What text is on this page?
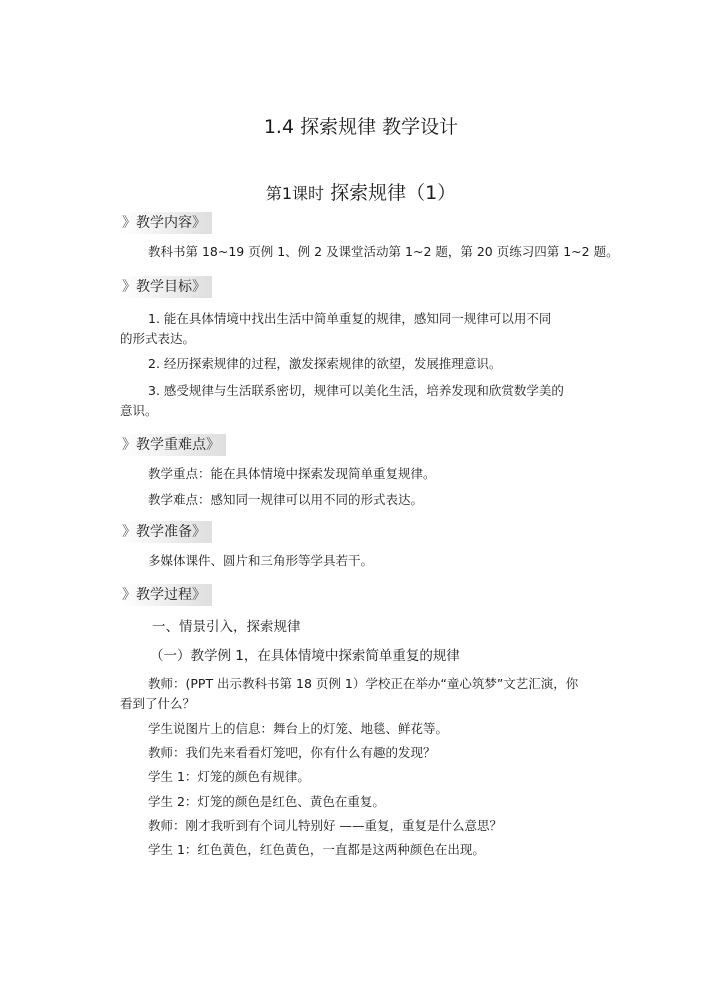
1.4 探索规律 教学设计
第1课时 探索规律（1）
》教学内容》
教科书第 18~19 页例 1、例 2 及课堂活动第 1~2 题，第 20 页练习四第 1~2 题。
》教学目标》
1. 能在具体情境中找出生活中简单重复的规律，感知同一规律可以用不同
的形式表达。
2. 经历探索规律的过程，激发探索规律的欲望，发展推理意识。
3. 感受规律与生活联系密切，规律可以美化生活，培养发现和欣赏数学美的
意识。
》教学重难点》
教学重点：能在具体情境中探索发现简单重复规律。
教学难点：感知同一规律可以用不同的形式表达。
》教学准备》
多媒体课件、圆片和三角形等学具若干。
》教学过程》
一、情景引入，探索规律
（一）教学例 1，在具体情境中探索简单重复的规律
教师：(PPT 出示教科书第 18 页例 1）学校正在举办“童心筑梦”文艺汇演，你
看到了什么？
学生说图片上的信息：舞台上的灯笼、地毯、鲜花等。
教师：我们先来看看灯笼吧，你有什么有趣的发现？
学生 1：灯笼的颜色有规律。
学生 2：灯笼的颜色是红色、黄色在重复。
教师：刚才我听到有个词儿特别好 ——重复，重复是什么意思？
学生 1：红色黄色，红色黄色，一直都是这两种颜色在出现。
